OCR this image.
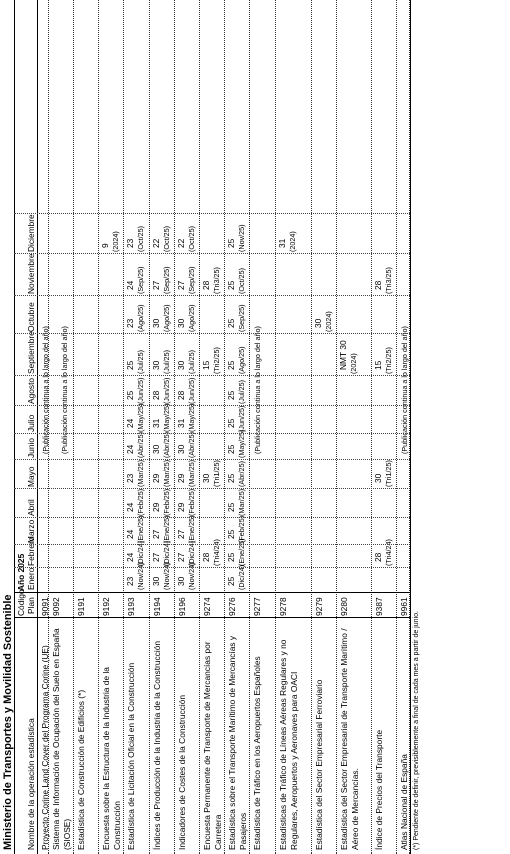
Ministerio de Transportes y Movilidad Sostenible Nombre de la operación estadística
Código Plan
Año 2025 Enero
Febrero
Marzo
Abril
Mayo
Junio
Julio
Agosto
Septiembre
Octubre
Noviembre
Diciembre
Proyecto Corine Land Cover del Programa Corine (UE)
9091
(Publicación continua a lo largo del año)
Sistema de Información de Ocupación del Suelo en España (SIOSE)
9092
(Publicación continua a lo largo del año)
Estadística de Construcción de Edificios (*)
9191
Encuesta sobre la Estructura de la Industria de la Construcción
9192
9 (2024)
Estadística de Licitación Oficial en la Construcción
9193
23 (Nov/24)
24 (Dic/24)
24 (Ene/25)
24 (Feb/25)
23 (Mar/25)
24 (Abr/25)
24 (May/25)
25 (Jun/25)
25 (Jul/25)
23 (Ago/25)
24 (Sep/25)
23 (Oct/25)
Índices de Producción de la Industria de la Construcción
9194
30 (Nov/24)
27 (Dic/24)
27 (Ene/25)
29 (Feb/25)
29 (Mar/25)
30 (Abr/25)
31 (May/25)
28 (Jun/25)
30 (Jul/25)
30 (Ago/25)
27 (Sep/25)
22 (Oct/25)
Indicadores de Costes de la Construcción
9196
30 (Nov/24)
27 (Dic/24)
27 (Ene/25)
29 (Feb/25)
29 (Mar/25)
30 (Abr/25)
31 (May/25)
28 (Jun/25)
30 (Jul/25)
30 (Ago/25)
27 (Sep/25)
22 (Oct/25)
Encuesta Permanente de Transporte de Mercancías por Carretera
9274
28 (Tri4/24)
30 (Tri1/25)
15 (Tri2/25)
28 (Tri3/25)
Estadística sobre el Transporte Marítimo de Mercancías y Pasajeros
9276
25 (Dic/24)
25 (Ene/25)
25 (Feb/25)
25 (Mar/25)
25 (Abr/25)
25 (May/25)
25 (Jun/25)
25 (Jul/25)
25 (Ago/25)
25 (Sep/25)
25 (Oct/25)
25 (Nov/25)
Estadística de Tráfico en los Aeropuertos Españoles
9277
(Publicación continua a lo largo del año)
Estadísticas de Tráfico de Líneas Aéreas Regulares y no Regulares, Aeropuertos y Aeronaves para OACI
9278
31 (2024)
Estadística del Sector Empresarial Ferroviario
9279
30 (2024)
Estadística del Sector Empresarial de Transporte Marítimo / Aéreo de Mercancías.
9280
NMT 30 (2024)
Índice de Precios del Transporte
9387
28 (Tri4/24)
30 (Tri1/25)
15 (Tri2/25)
28 (Tri3/25)
Atlas Nacional de España
9961
(Publicación continua a lo largo del año)
(*) Pendiente de definir, previsiblemente a final de cada mes a partir de junio.
